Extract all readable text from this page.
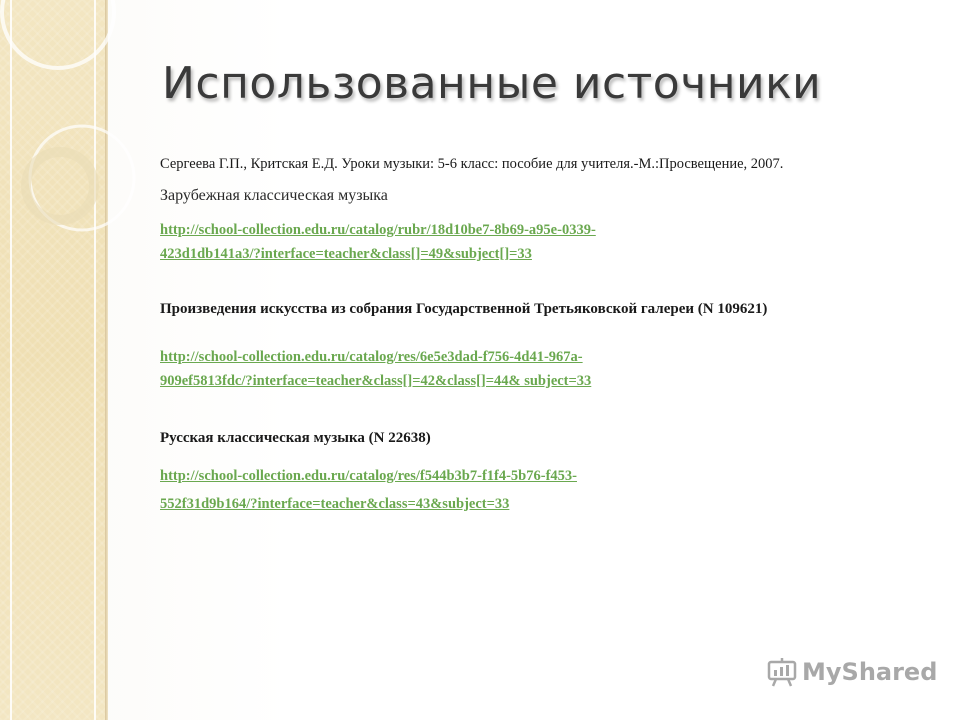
Использованные источники
Сергеева Г.П., Критская Е.Д. Уроки музыки: 5-6 класс: пособие для учителя.-М.:Просвещение, 2007.
Зарубежная классическая музыка
http://school-collection.edu.ru/catalog/rubr/18d10be7-8b69-a95e-0339-
423d1db141a3/?interface=teacher&class[]=49&subject[]=33
Произведения искусства из собрания Государственной Третьяковской галереи (N 109621)
http://school-collection.edu.ru/catalog/res/6e5e3dad-f756-4d41-967a-
909ef5813fdc/?interface=teacher&class[]=42&class[]=44& subject=33
Русская классическая музыка (N 22638)
http://school-collection.edu.ru/catalog/res/f544b3b7-f1f4-5b76-f453-
552f31d9b164/?interface=teacher&class=43&subject=33
MyShared
